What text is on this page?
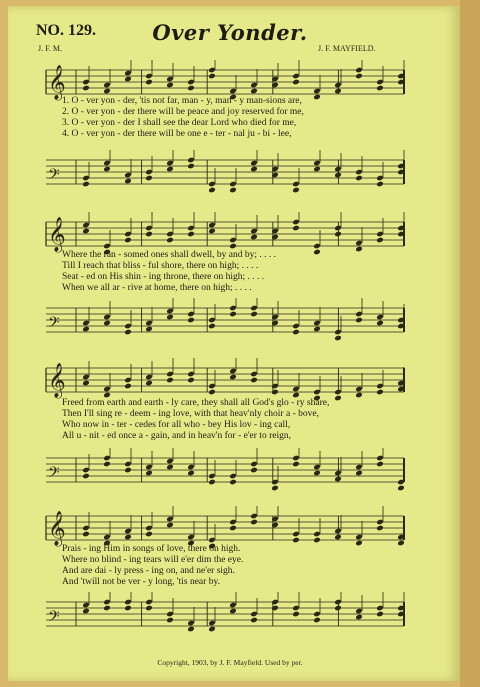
NO. 129.	Over Yonder.
J. F. M.	J. F. MAYFIELD.
𝄞
1. O - ver yon - der, 'tis not far, man - y, man - y man-sions are,
2. O - ver yon - der there will be peace and joy reserved for me,
3. O - ver yon - der I shall see the dear Lord who died for me,
4. O - ver yon - der there will be one e - ter - nal ju - bi - lee,
𝄢
𝄞
Where the ran - somed ones shall dwell, by and by; . . . .
Till I reach that bliss - ful shore, there on high; . . . .
Seat - ed on His shin - ing throne, there on high; . . . .
When we all ar - rive at home, there on high; . . . .
𝄢
𝄞
Freed from earth and earth - ly care, they shall all God's glo - ry share,
Then I'll sing re - deem - ing love, with that heav'nly choir a - bove,
Who now in - ter - cedes for all who - bey His lov - ing call,
All u - nit - ed once a - gain, and in heav'n for - e'er to reign,
𝄢
𝄞
Prais - ing Him in songs of love, there on high.
Where no blind - ing tears will e'er dim the eye.
And are dai - ly press - ing on, and ne'er sigh.
And 'twill not be ver - y long, 'tis near by.
𝄢
Copyright, 1903, by J. F. Mayfield. Used by per.
